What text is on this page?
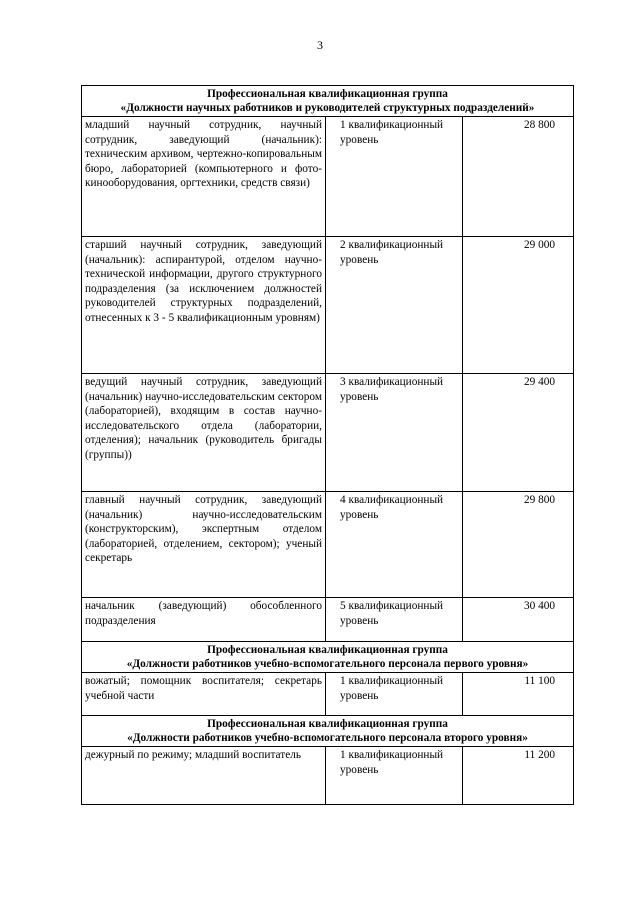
3
Профессиональная квалификационная группа
«Должности научных работников и руководителей структурных подразделений»		

младший научный сотрудник, научный сотрудник, заведующий (начальник): техническим архивом, чертежно-копировальным бюро, лабораторией (компьютерного и фото-кинооборудования, оргтехники, средств связи)	1 квалификационный уровень	28 800
старший научный сотрудник, заведующий (начальник): аспирантурой, отделом научно-технической информации, другого структурного подразделения (за исключением должностей руководителей структурных подразделений, отнесенных к 3 - 5 квалификационным уровням)	2 квалификационный уровень	29 000
ведущий научный сотрудник, заведующий (начальник) научно-исследовательским сектором (лабораторией), входящим в состав научно-исследовательского отдела (лаборатории, отделения); начальник (руководитель бригады (группы))	3 квалификационный уровень	29 400
главный научный сотрудник, заведующий (начальник) научно-исследовательским (конструкторским), экспертным отделом (лабораторией, отделением, сектором); ученый секретарь	4 квалификационный уровень	29 800
начальник (заведующий) обособленного подразделения	5 квалификационный уровень	30 400

Профессиональная квалификационная группа
«Должности работников учебно-вспомогательного персонала первого уровня»		

вожатый; помощник воспитателя; секретарь учебной части	1 квалификационный уровень	11 100

Профессиональная квалификационная группа
«Должности работников учебно-вспомогательного персонала второго уровня»		

дежурный по режиму; младший воспитатель	1 квалификационный уровень	11 200
